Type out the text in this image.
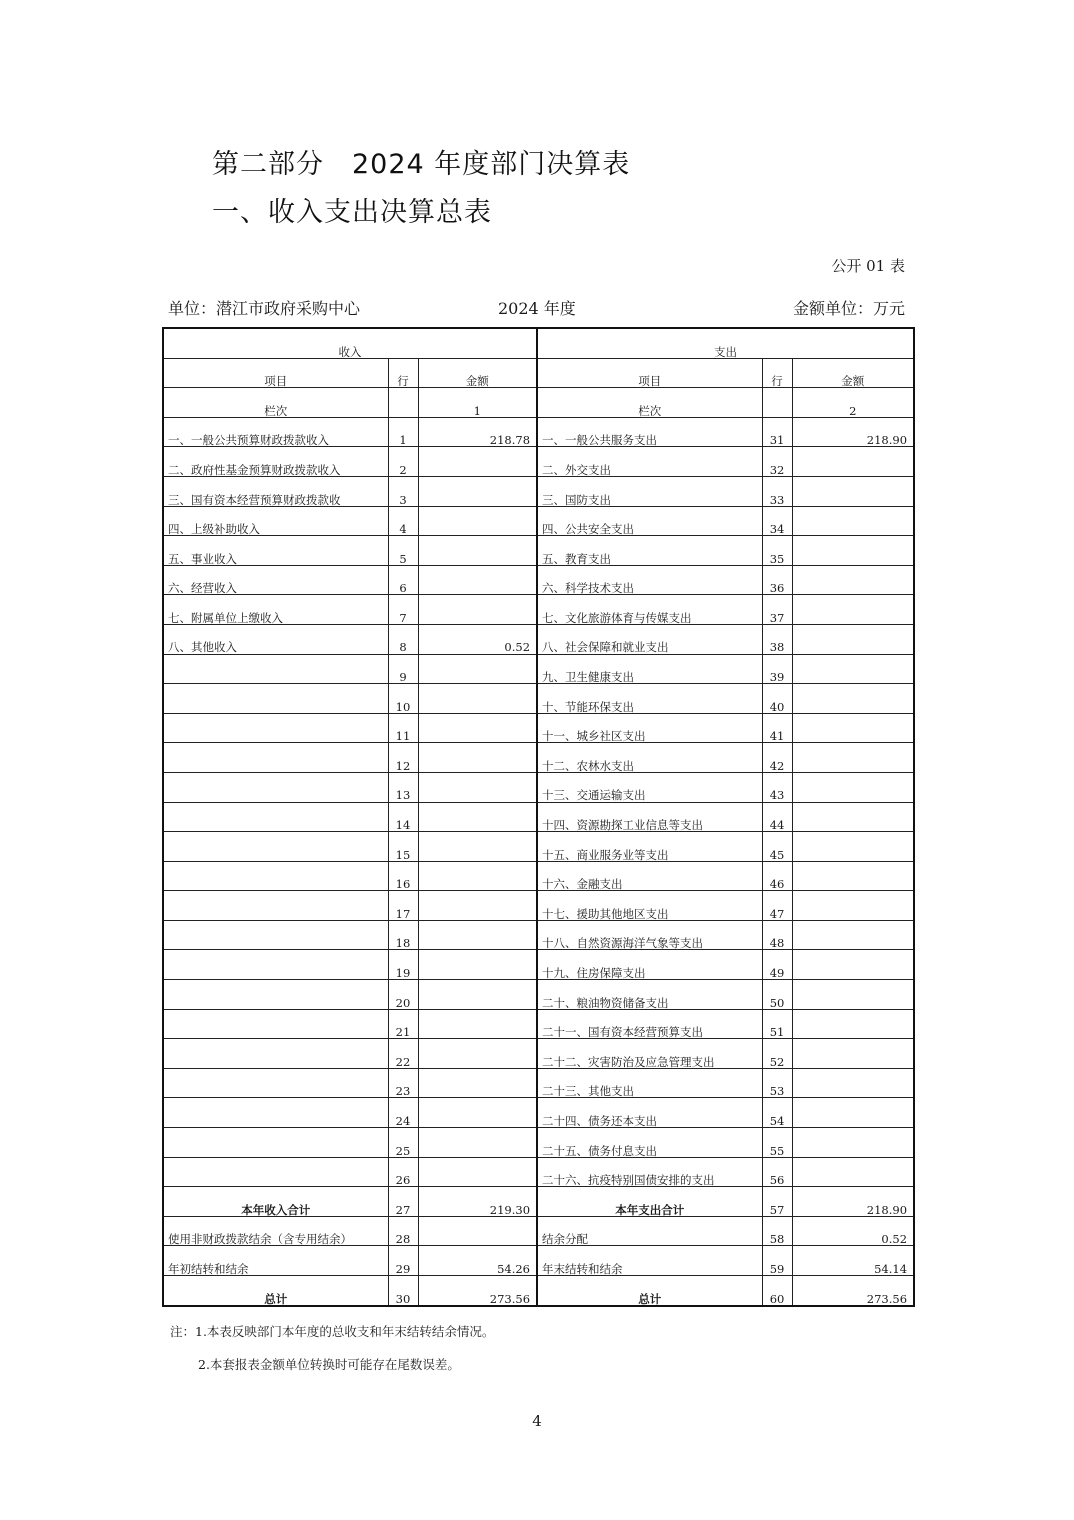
第二部分　2024 年度部门决算表
一、收入支出决算总表
公开 01 表
单位：潜江市政府采购中心	2024 年度	金额单位：万元
收入			支出		
项目	行	金额	项目	行	金额
栏次		1	栏次		2
一、一般公共预算财政拨款收入	1	218.78	一、一般公共服务支出	31	218.90
二、政府性基金预算财政拨款收入	2		二、外交支出	32	
三、国有资本经营预算财政拨款收	3		三、国防支出	33	
四、上级补助收入	4		四、公共安全支出	34	
五、事业收入	5		五、教育支出	35	
六、经营收入	6		六、科学技术支出	36	
七、附属单位上缴收入	7		七、文化旅游体育与传媒支出	37	
八、其他收入	8	0.52	八、社会保障和就业支出	38	
	9		九、卫生健康支出	39	
	10		十、节能环保支出	40	
	11		十一、城乡社区支出	41	
	12		十二、农林水支出	42	
	13		十三、交通运输支出	43	
	14		十四、资源勘探工业信息等支出	44	
	15		十五、商业服务业等支出	45	
	16		十六、金融支出	46	
	17		十七、援助其他地区支出	47	
	18		十八、自然资源海洋气象等支出	48	
	19		十九、住房保障支出	49	
	20		二十、粮油物资储备支出	50	
	21		二十一、国有资本经营预算支出	51	
	22		二十二、灾害防治及应急管理支出	52	
	23		二十三、其他支出	53	
	24		二十四、债务还本支出	54	
	25		二十五、债务付息支出	55	
	26		二十六、抗疫特别国债安排的支出	56	
本年收入合计	27	219.30	本年支出合计	57	218.90
使用非财政拨款结余（含专用结余）	28		结余分配	58	0.52
年初结转和结余	29	54.26	年末结转和结余	59	54.14
总计	30	273.56	总计	60	273.56
注：1.本表反映部门本年度的总收支和年末结转结余情况。
2.本套报表金额单位转换时可能存在尾数误差。
4
